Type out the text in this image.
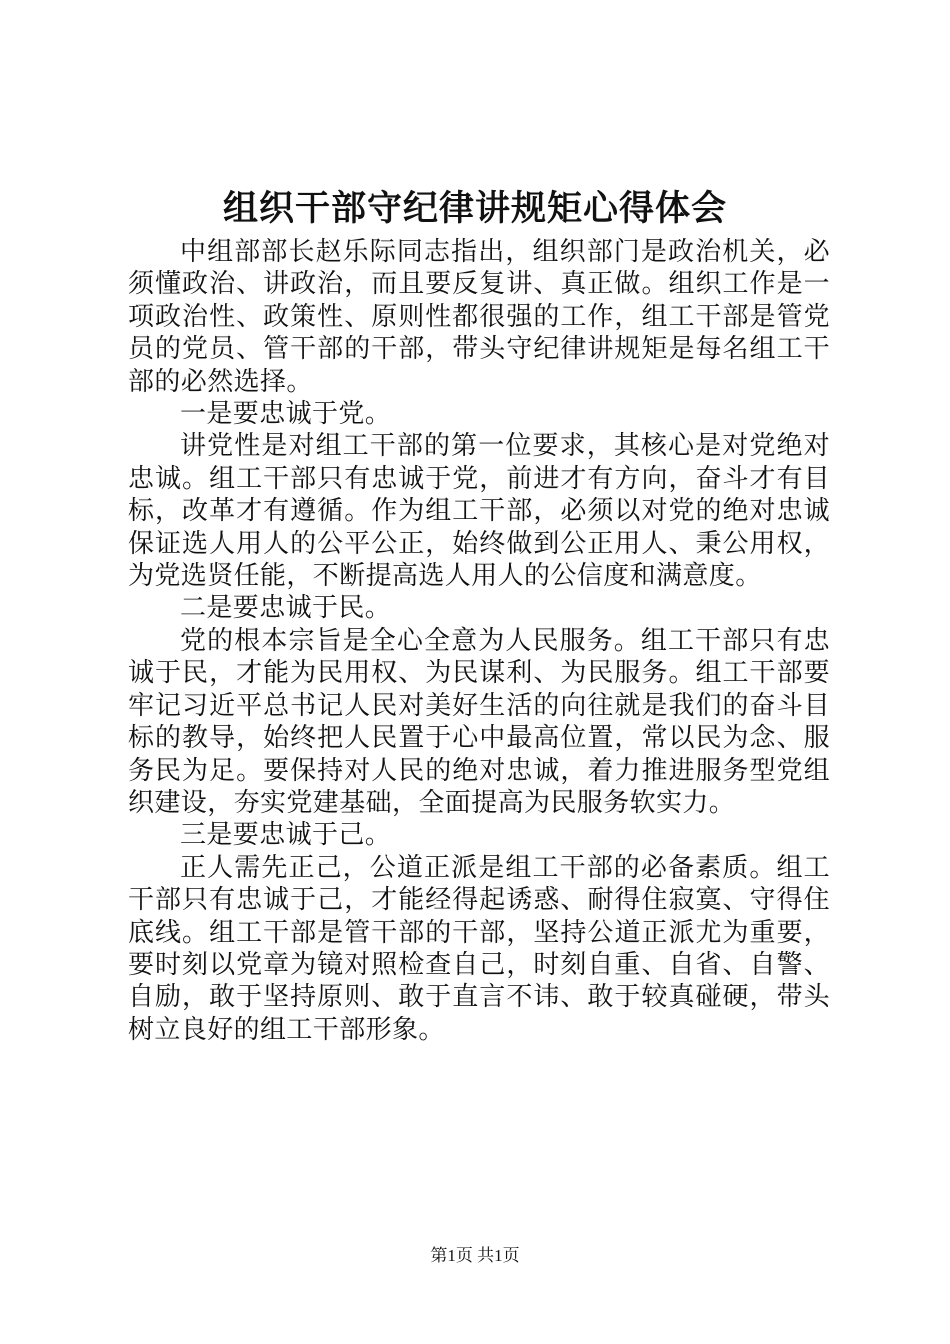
组织干部守纪律讲规矩心得体会

中组部部长赵乐际同志指出，组织部门是政治机关，必须懂政治、讲政治，而且要反复讲、真正做。组织工作是一项政治性、政策性、原则性都很强的工作，组工干部是管党员的党员、管干部的干部，带头守纪律讲规矩是每名组工干部的必然选择。

一是要忠诚于党。

讲党性是对组工干部的第一位要求，其核心是对党绝对忠诚。组工干部只有忠诚于党，前进才有方向，奋斗才有目标，改革才有遵循。作为组工干部，必须以对党的绝对忠诚保证选人用人的公平公正，始终做到公正用人、秉公用权，为党选贤任能，不断提高选人用人的公信度和满意度。

二是要忠诚于民。

党的根本宗旨是全心全意为人民服务。组工干部只有忠诚于民，才能为民用权、为民谋利、为民服务。组工干部要牢记习近平总书记人民对美好生活的向往就是我们的奋斗目标的教导，始终把人民置于心中最高位置，常以民为念、服务民为足。要保持对人民的绝对忠诚，着力推进服务型党组织建设，夯实党建基础，全面提高为民服务软实力。

三是要忠诚于己。

正人需先正己，公道正派是组工干部的必备素质。组工干部只有忠诚于己，才能经得起诱惑、耐得住寂寞、守得住底线。组工干部是管干部的干部，坚持公道正派尤为重要，要时刻以党章为镜对照检查自己，时刻自重、自省、自警、自励，敢于坚持原则、敢于直言不讳、敢于较真碰硬，带头树立良好的组工干部形象。

第1页 共1页
